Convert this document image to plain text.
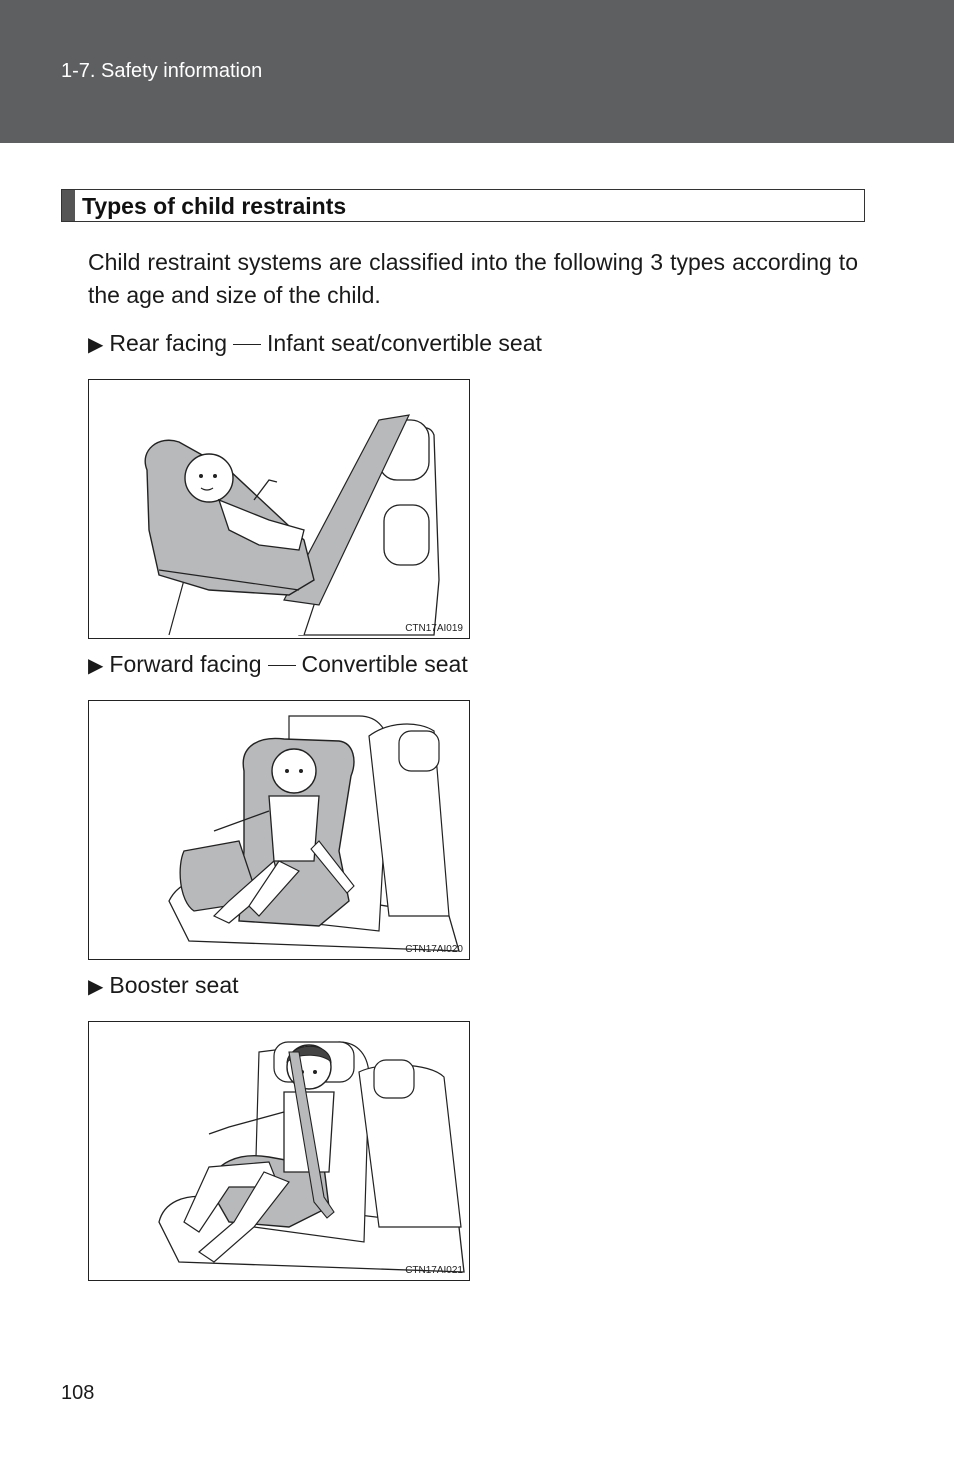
1-7. Safety information
Types of child restraints
Child restraint systems are classified into the following 3 types according to the age and size of the child.
▶ Rear facing Infant seat/convertible seat
CTN17AI019
▶ Forward facing Convertible seat
CTN17AI020
▶ Booster seat
CTN17AI021
108
